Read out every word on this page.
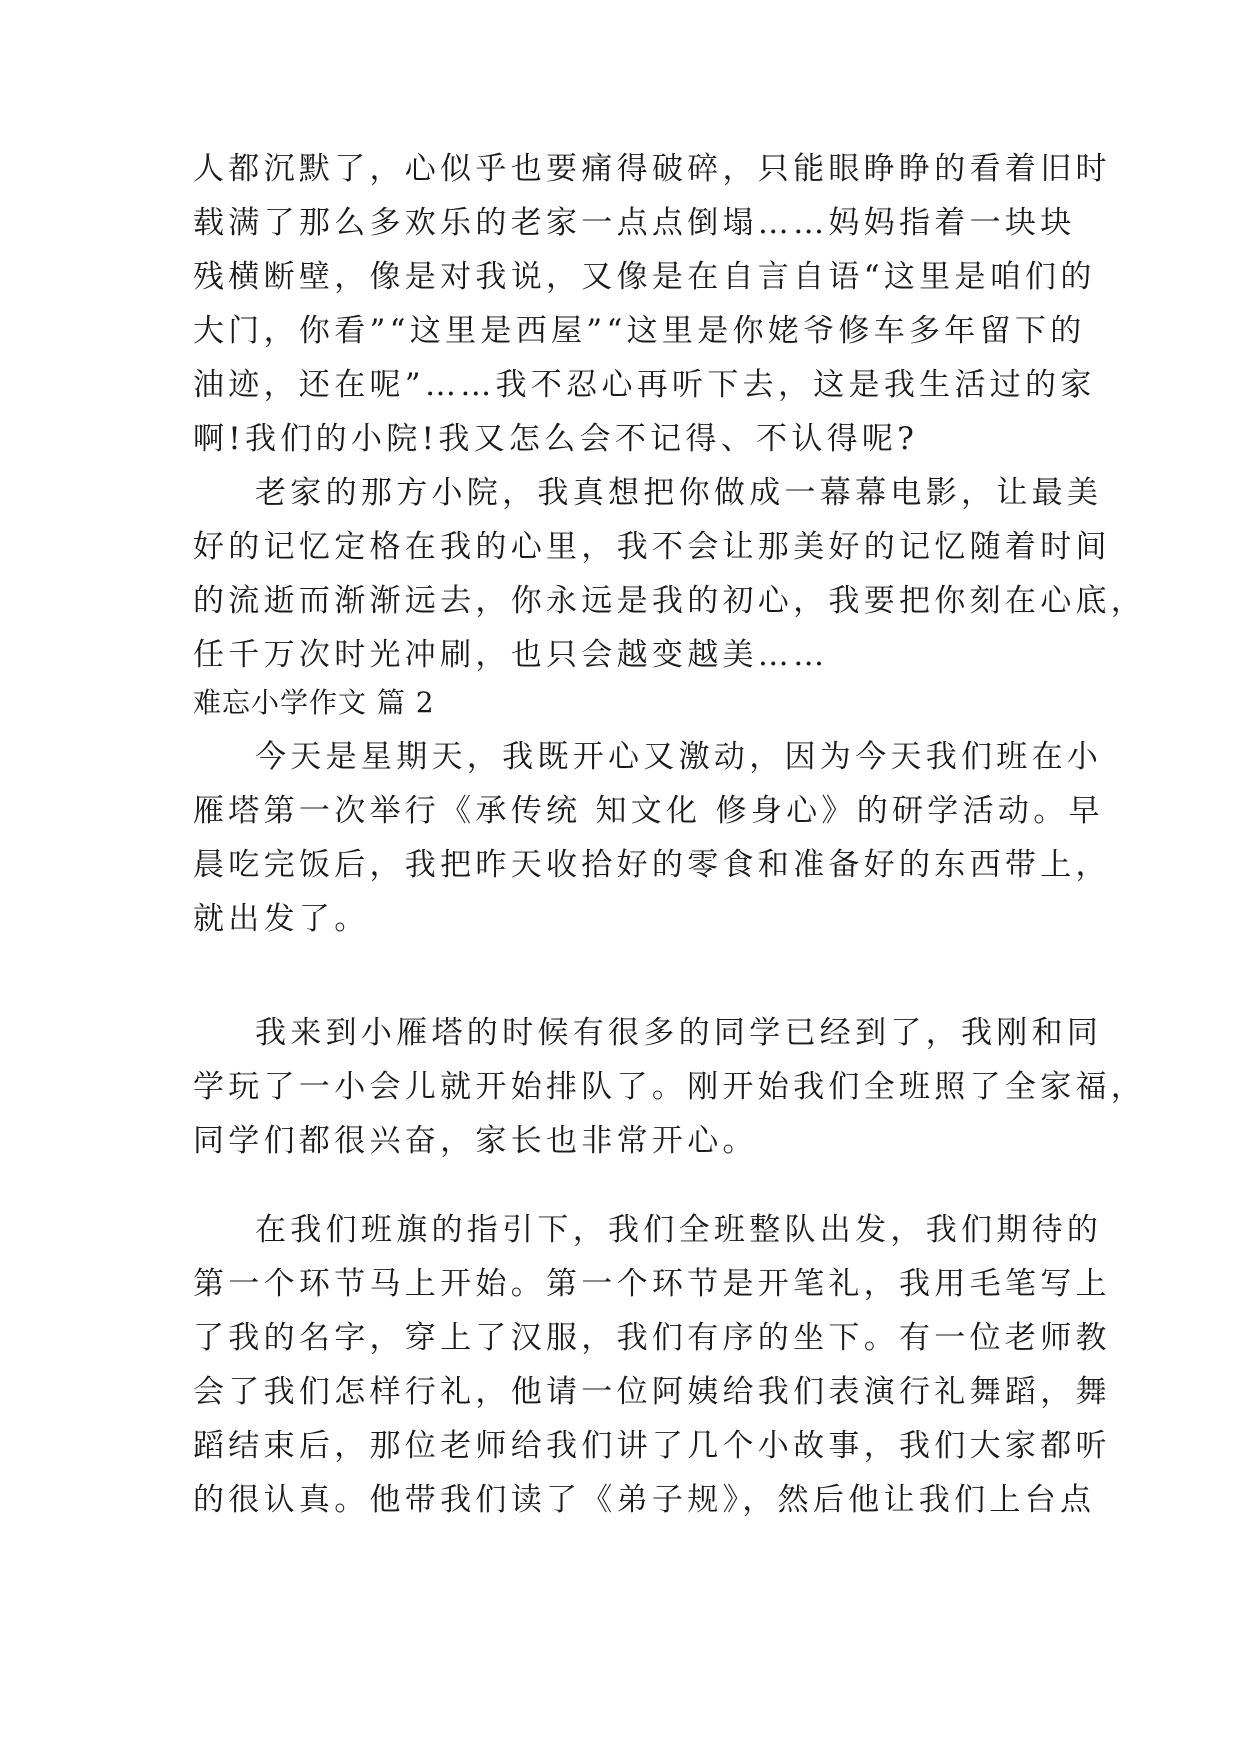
人都沉默了，心似乎也要痛得破碎，只能眼睁睁的看着旧时
载满了那么多欢乐的老家一点点倒塌……妈妈指着一块块
残横断壁，像是对我说，又像是在自言自语“这里是咱们的
大门，你看”“这里是西屋”“这里是你姥爷修车多年留下的
油迹，还在呢”……我不忍心再听下去，这是我生活过的家
啊!我们的小院!我又怎么会不记得、不认得呢?
老家的那方小院，我真想把你做成一幕幕电影，让最美
好的记忆定格在我的心里，我不会让那美好的记忆随着时间
的流逝而渐渐远去，你永远是我的初心，我要把你刻在心底，
任千万次时光冲刷，也只会越变越美……
难忘小学作文 篇 2
今天是星期天，我既开心又激动，因为今天我们班在小
雁塔第一次举行《承传统 知文化 修身心》的研学活动。早
晨吃完饭后，我把昨天收拾好的零食和准备好的东西带上，
就出发了。
我来到小雁塔的时候有很多的同学已经到了，我刚和同
学玩了一小会儿就开始排队了。刚开始我们全班照了全家福，
同学们都很兴奋，家长也非常开心。
在我们班旗的指引下，我们全班整队出发，我们期待的
第一个环节马上开始。第一个环节是开笔礼，我用毛笔写上
了我的名字，穿上了汉服，我们有序的坐下。有一位老师教
会了我们怎样行礼，他请一位阿姨给我们表演行礼舞蹈，舞
蹈结束后，那位老师给我们讲了几个小故事，我们大家都听
的很认真。他带我们读了《弟子规》，然后他让我们上台点
